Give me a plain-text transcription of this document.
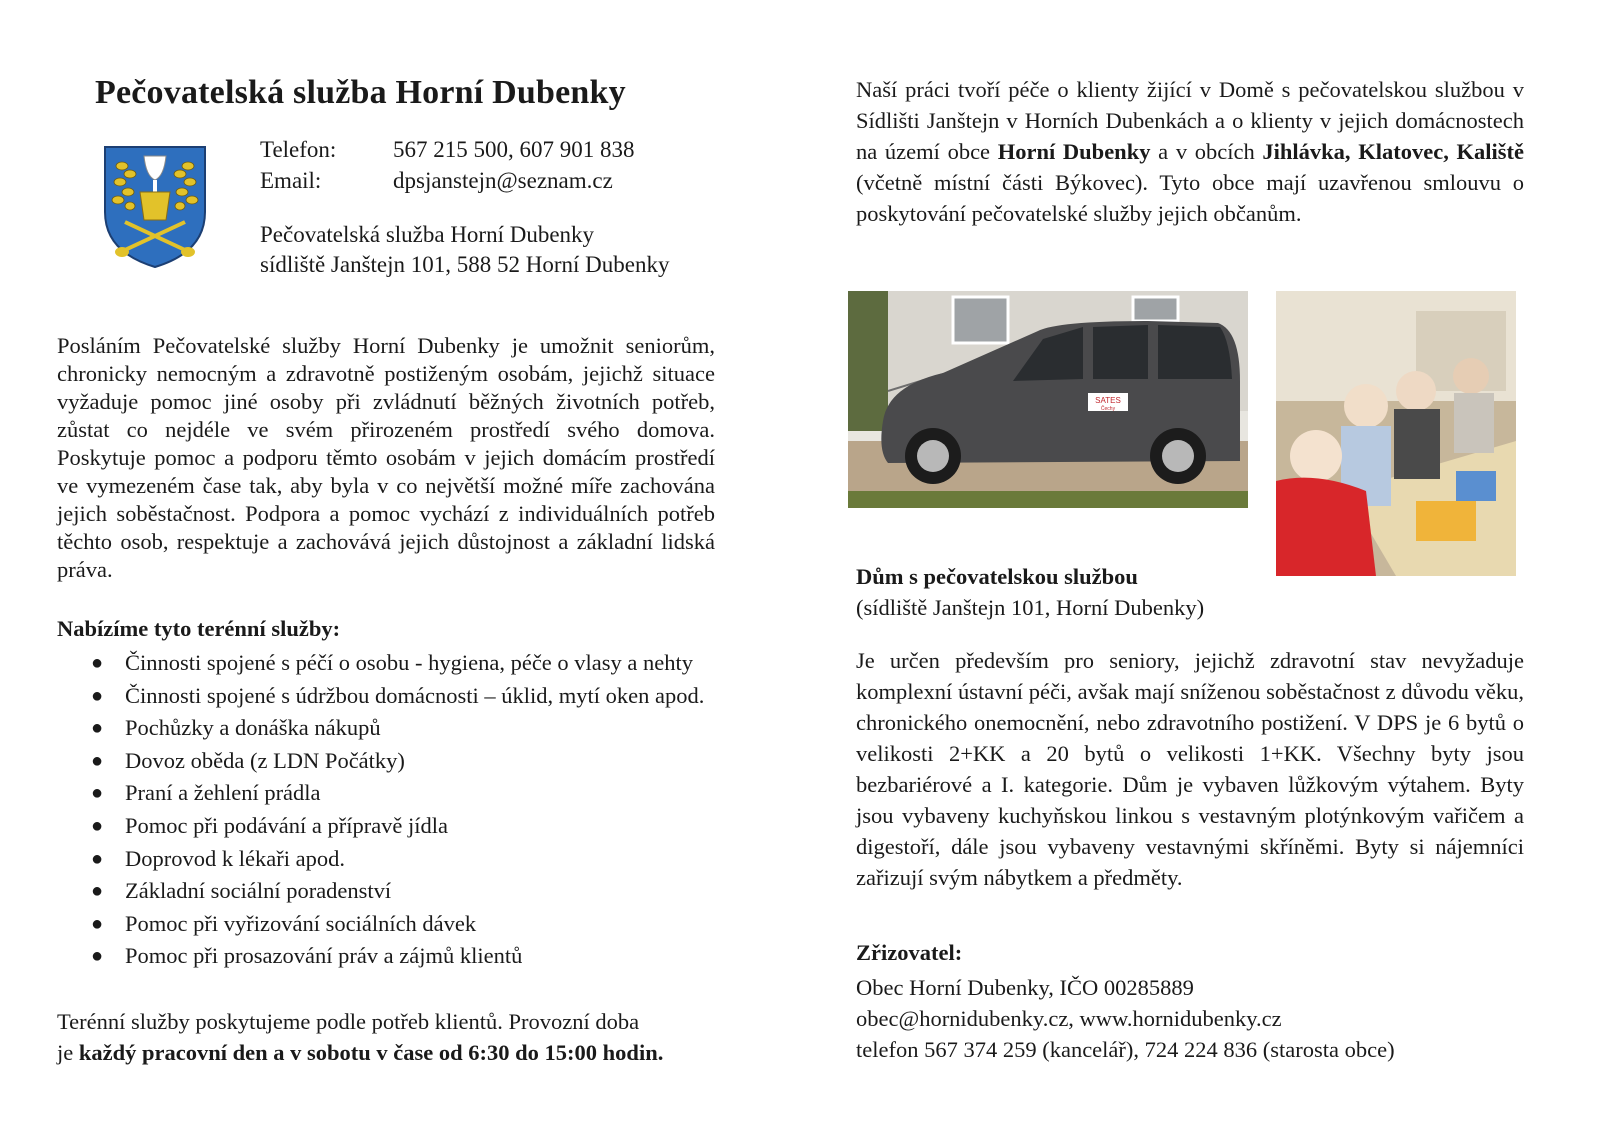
Pečovatelská služba Horní Dubenky
Telefon:	567 215 500, 607 901 838
Email:	dpsjanstejn@seznam.cz
Pečovatelská služba Horní Dubenky
sídliště Janštejn 101, 588 52 Horní Dubenky

Posláním Pečovatelské služby Horní Dubenky je umožnit seniorům, chronicky nemocným a zdravotně postiženým osobám, jejichž situace vyžaduje pomoc jiné osoby při zvládnutí běžných životních potřeb, zůstat co nejdéle ve svém přirozeném prostředí svého domova. Poskytuje pomoc a podporu těmto osobám v jejich domácím prostředí ve vymezeném čase tak, aby byla v co největší možné míře zachována jejich soběstačnost. Podpora a pomoc vychází z individuálních potřeb těchto osob, respektuje a zachovává jejich důstojnost a základní lidská práva.

Nabízíme tyto terénní služby:

● Činnosti spojené s péčí o osobu - hygiena, péče o vlasy a nehty
● Činnosti spojené s údržbou domácnosti – úklid, mytí oken apod.
● Pochůzky a donáška nákupů
● Dovoz oběda (z LDN Počátky)
● Praní a žehlení prádla
● Pomoc při podávání a přípravě jídla
● Doprovod k lékaři apod.
● Základní sociální poradenství
● Pomoc při vyřizování sociálních dávek
● Pomoc při prosazování práv a zájmů klientů

Terénní služby poskytujeme podle potřeb klientů. Provozní doba
je každý pracovní den a v sobotu v čase od 6:30 do 15:00 hodin.

Naší práci tvoří péče o klienty žijící v Domě s pečovatelskou službou v Sídlišti Janštejn v Horních Dubenkách a o klienty v jejich domácnostech na území obce Horní Dubenky a v obcích Jihlávka, Klatovec, Kaliště (včetně místní části Býkovec). Tyto obce mají uzavřenou smlouvu o poskytování pečovatelské služby jejich občanům.

SATES
Čechy

Dům s pečovatelskou službou

(sídliště Janštejn 101, Horní Dubenky)

Je určen především pro seniory, jejichž zdravotní stav nevyžaduje komplexní ústavní péči, avšak mají sníženou soběstačnost z důvodu věku, chronického onemocnění, nebo zdravotního postižení. V DPS je 6 bytů o velikosti 2+KK a 20 bytů o velikosti 1+KK. Všechny byty jsou bezbariérové a I. kategorie. Dům je vybaven lůžkovým výtahem. Byty jsou vybaveny kuchyňskou linkou s vestavným plotýnkovým vařičem a digestoří, dále jsou vybaveny vestavnými skříněmi. Byty si nájemníci zařizují svým nábytkem a předměty.

Zřizovatel:

Obec Horní Dubenky, IČO 00285889
obec@hornidubenky.cz, www.hornidubenky.cz
telefon 567 374 259 (kancelář), 724 224 836 (starosta obce)
